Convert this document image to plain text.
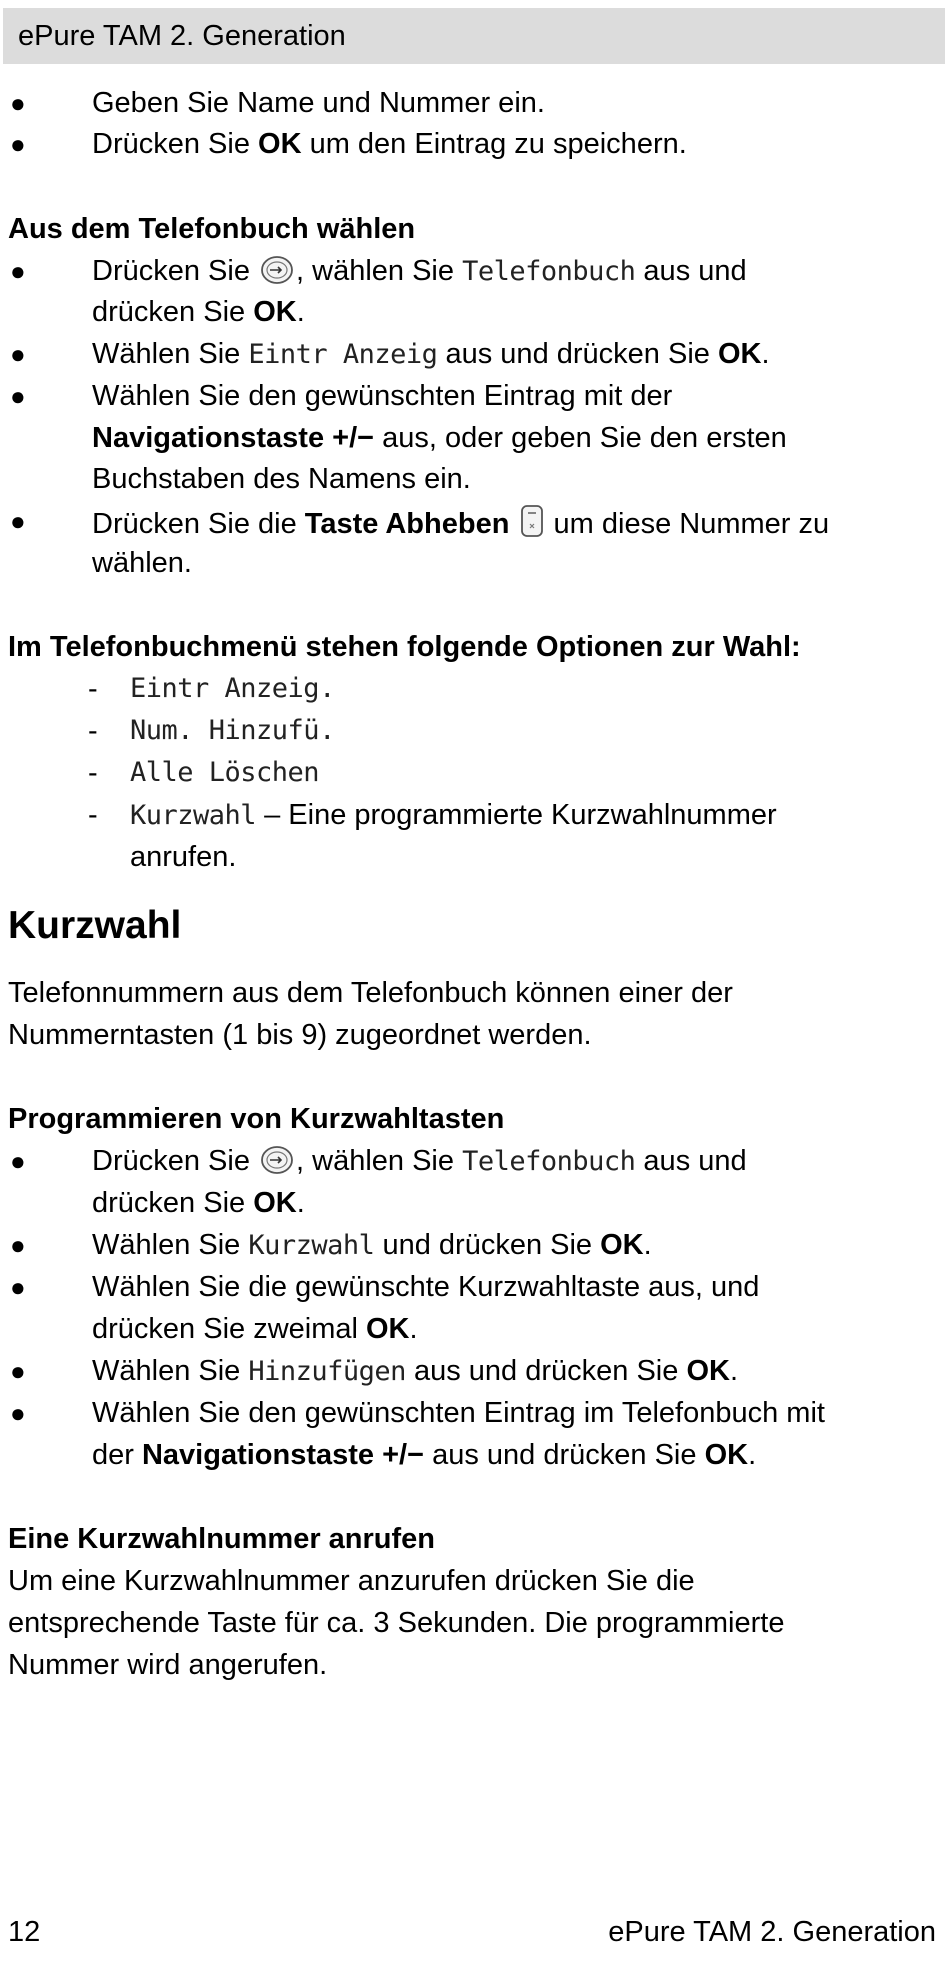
ePure TAM 2. Generation
● Geben Sie Name und Nummer ein.
● Drücken Sie OK um den Eintrag zu speichern.
Aus dem Telefonbuch wählen
● Drücken Sie
, wählen Sie Telefonbuch aus und
drücken Sie OK.
● Wählen Sie Eintr Anzeig aus und drücken Sie OK.
● Wählen Sie den gewünschten Eintrag mit der
Navigationstaste +/− aus, oder geben Sie den ersten
Buchstaben des Namens ein.
● Drücken Sie die Taste Abheben
um diese Nummer zu
wählen.
Im Telefonbuchmenü stehen folgende Optionen zur Wahl:
- Eintr Anzeig.
- Num. Hinzufü.
- Alle Löschen
- Kurzwahl – Eine programmierte Kurzwahlnummer
anrufen.
Kurzwahl
Telefonnummern aus dem Telefonbuch können einer der
Nummerntasten (1 bis 9) zugeordnet werden.
Programmieren von Kurzwahltasten
● Drücken Sie
, wählen Sie Telefonbuch aus und
drücken Sie OK.
● Wählen Sie Kurzwahl und drücken Sie OK.
● Wählen Sie die gewünschte Kurzwahltaste aus, und
drücken Sie zweimal OK.
● Wählen Sie Hinzufügen aus und drücken Sie OK.
● Wählen Sie den gewünschten Eintrag im Telefonbuch mit
der Navigationstaste +/− aus und drücken Sie OK.
Eine Kurzwahlnummer anrufen
Um eine Kurzwahlnummer anzurufen drücken Sie die
entsprechende Taste für ca. 3 Sekunden. Die programmierte
Nummer wird angerufen.
12	ePure TAM 2. Generation
